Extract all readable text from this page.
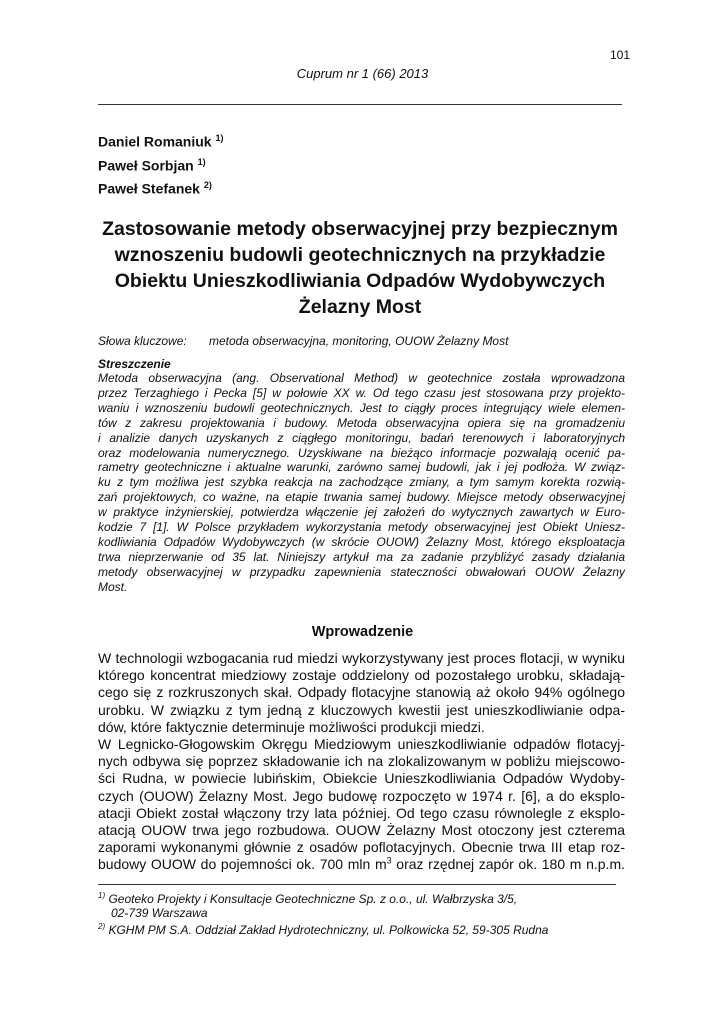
101
Cuprum nr 1 (66) 2013
Daniel Romaniuk $^{1)}$
Paweł Sorbjan $^{1)}$
Paweł Stefanek $^{2)}$
Zastosowanie metody obserwacyjnej przy bezpiecznym
wznoszeniu budowli geotechnicznych na przykładzie
Obiektu Unieszkodliwiania Odpadów Wydobywczych
Żelazny Most
Słowa kluczowe: metoda obserwacyjna, monitoring, OUOW Żelazny Most
Streszczenie
Metoda obserwacyjna (ang. Observational Method) w geotechnice została wprowadzona
przez Terzaghiego i Pecka [5] w połowie XX w. Od tego czasu jest stosowana przy projekto-
waniu i wznoszeniu budowli geotechnicznych. Jest to ciągły proces integrujący wiele elemen-
tów z zakresu projektowania i budowy. Metoda obserwacyjna opiera się na gromadzeniu
i analizie danych uzyskanych z ciągłego monitoringu, badań terenowych i laboratoryjnych
oraz modelowania numerycznego. Uzyskiwane na bieżąco informacje pozwalają ocenić pa-
rametry geotechniczne i aktualne warunki, zarówno samej budowli, jak i jej podłoża. W związ-
ku z tym możliwa jest szybka reakcja na zachodzące zmiany, a tym samym korekta rozwią-
zań projektowych, co ważne, na etapie trwania samej budowy. Miejsce metody obserwacyjnej
w praktyce inżynierskiej, potwierdza włączenie jej założeń do wytycznych zawartych w Euro-
kodzie 7 [1]. W Polsce przykładem wykorzystania metody obserwacyjnej jest Obiekt Uniesz-
kodliwiania Odpadów Wydobywczych (w skrócie OUOW) Żelazny Most, którego eksploatacja
trwa nieprzerwanie od 35 lat. Niniejszy artykuł ma za zadanie przybliżyć zasady działania
metody obserwacyjnej w przypadku zapewnienia stateczności obwałowań OUOW Żelazny
Most.
Wprowadzenie
W technologii wzbogacania rud miedzi wykorzystywany jest proces flotacji, w wyniku
którego koncentrat miedziowy zostaje oddzielony od pozostałego urobku, składają-
cego się z rozkruszonych skał. Odpady flotacyjne stanowią aż około 94% ogólnego
urobku. W związku z tym jedną z kluczowych kwestii jest unieszkodliwianie odpa-
dów, które faktycznie determinuje możliwości produkcji miedzi.
W Legnicko-Głogowskim Okręgu Miedziowym unieszkodliwianie odpadów flotacyj-
nych odbywa się poprzez składowanie ich na zlokalizowanym w pobliżu miejscowo-
ści Rudna, w powiecie lubińskim, Obiekcie Unieszkodliwiania Odpadów Wydoby-
czych (OUOW) Żelazny Most. Jego budowę rozpoczęto w 1974 r. [6], a do eksplo-
atacji Obiekt został włączony trzy lata później. Od tego czasu równolegle z eksplo-
atacją OUOW trwa jego rozbudowa. OUOW Żelazny Most otoczony jest czterema
zaporami wykonanymi głównie z osadów poflotacyjnych. Obecnie trwa III etap roz-
budowy OUOW do pojemności ok. 700 mln $m^3$ oraz rzędnej zapór ok. 180 m n.p.m.
$^{1)}$ Geoteko Projekty i Konsultacje Geotechniczne Sp. z o.o., ul. Wałbrzyska 3/5,
02-739 Warszawa
$^{2)}$ KGHM PM S.A. Oddział Zakład Hydrotechniczny, ul. Polkowicka 52, 59-305 Rudna
